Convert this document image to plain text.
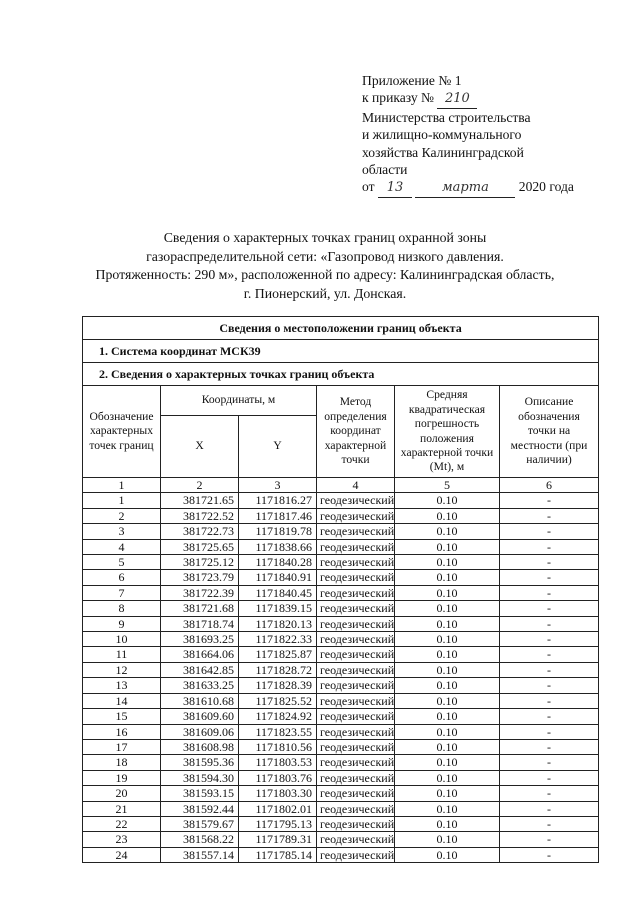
Приложение № 1
к приказу № 210
Министерства строительства
и жилищно-коммунального
хозяйства Калининградской
области
от 13	марта 2020 года
Сведения о характерных точках границ охранной зоны
газораспределительной сети: «Газопровод низкого давления.
Протяженность: 290 м», расположенной по адресу: Калининградская область,
г. Пионерский, ул. Донская.
Сведения о местоположении границ объекта					
1. Система координат МСК39					
2. Сведения о характерных точках границ объекта					
Обозначение характерных точек границ	Координаты, м		Метод определения координат характерной точки	Средняя квадратическая погрешность положения характерной точки (Mt), м	Описание обозначения точки на местности (при наличии)
	X	Y			
1	2	3	4	5	6
1	381721.65	1171816.27	геодезический	0.10	-
2	381722.52	1171817.46	геодезический	0.10	-
3	381722.73	1171819.78	геодезический	0.10	-
4	381725.65	1171838.66	геодезический	0.10	-
5	381725.12	1171840.28	геодезический	0.10	-
6	381723.79	1171840.91	геодезический	0.10	-
7	381722.39	1171840.45	геодезический	0.10	-
8	381721.68	1171839.15	геодезический	0.10	-
9	381718.74	1171820.13	геодезический	0.10	-
10	381693.25	1171822.33	геодезический	0.10	-
11	381664.06	1171825.87	геодезический	0.10	-
12	381642.85	1171828.72	геодезический	0.10	-
13	381633.25	1171828.39	геодезический	0.10	-
14	381610.68	1171825.52	геодезический	0.10	-
15	381609.60	1171824.92	геодезический	0.10	-
16	381609.06	1171823.55	геодезический	0.10	-
17	381608.98	1171810.56	геодезический	0.10	-
18	381595.36	1171803.53	геодезический	0.10	-
19	381594.30	1171803.76	геодезический	0.10	-
20	381593.15	1171803.30	геодезический	0.10	-
21	381592.44	1171802.01	геодезический	0.10	-
22	381579.67	1171795.13	геодезический	0.10	-
23	381568.22	1171789.31	геодезический	0.10	-
24	381557.14	1171785.14	геодезический	0.10	-
